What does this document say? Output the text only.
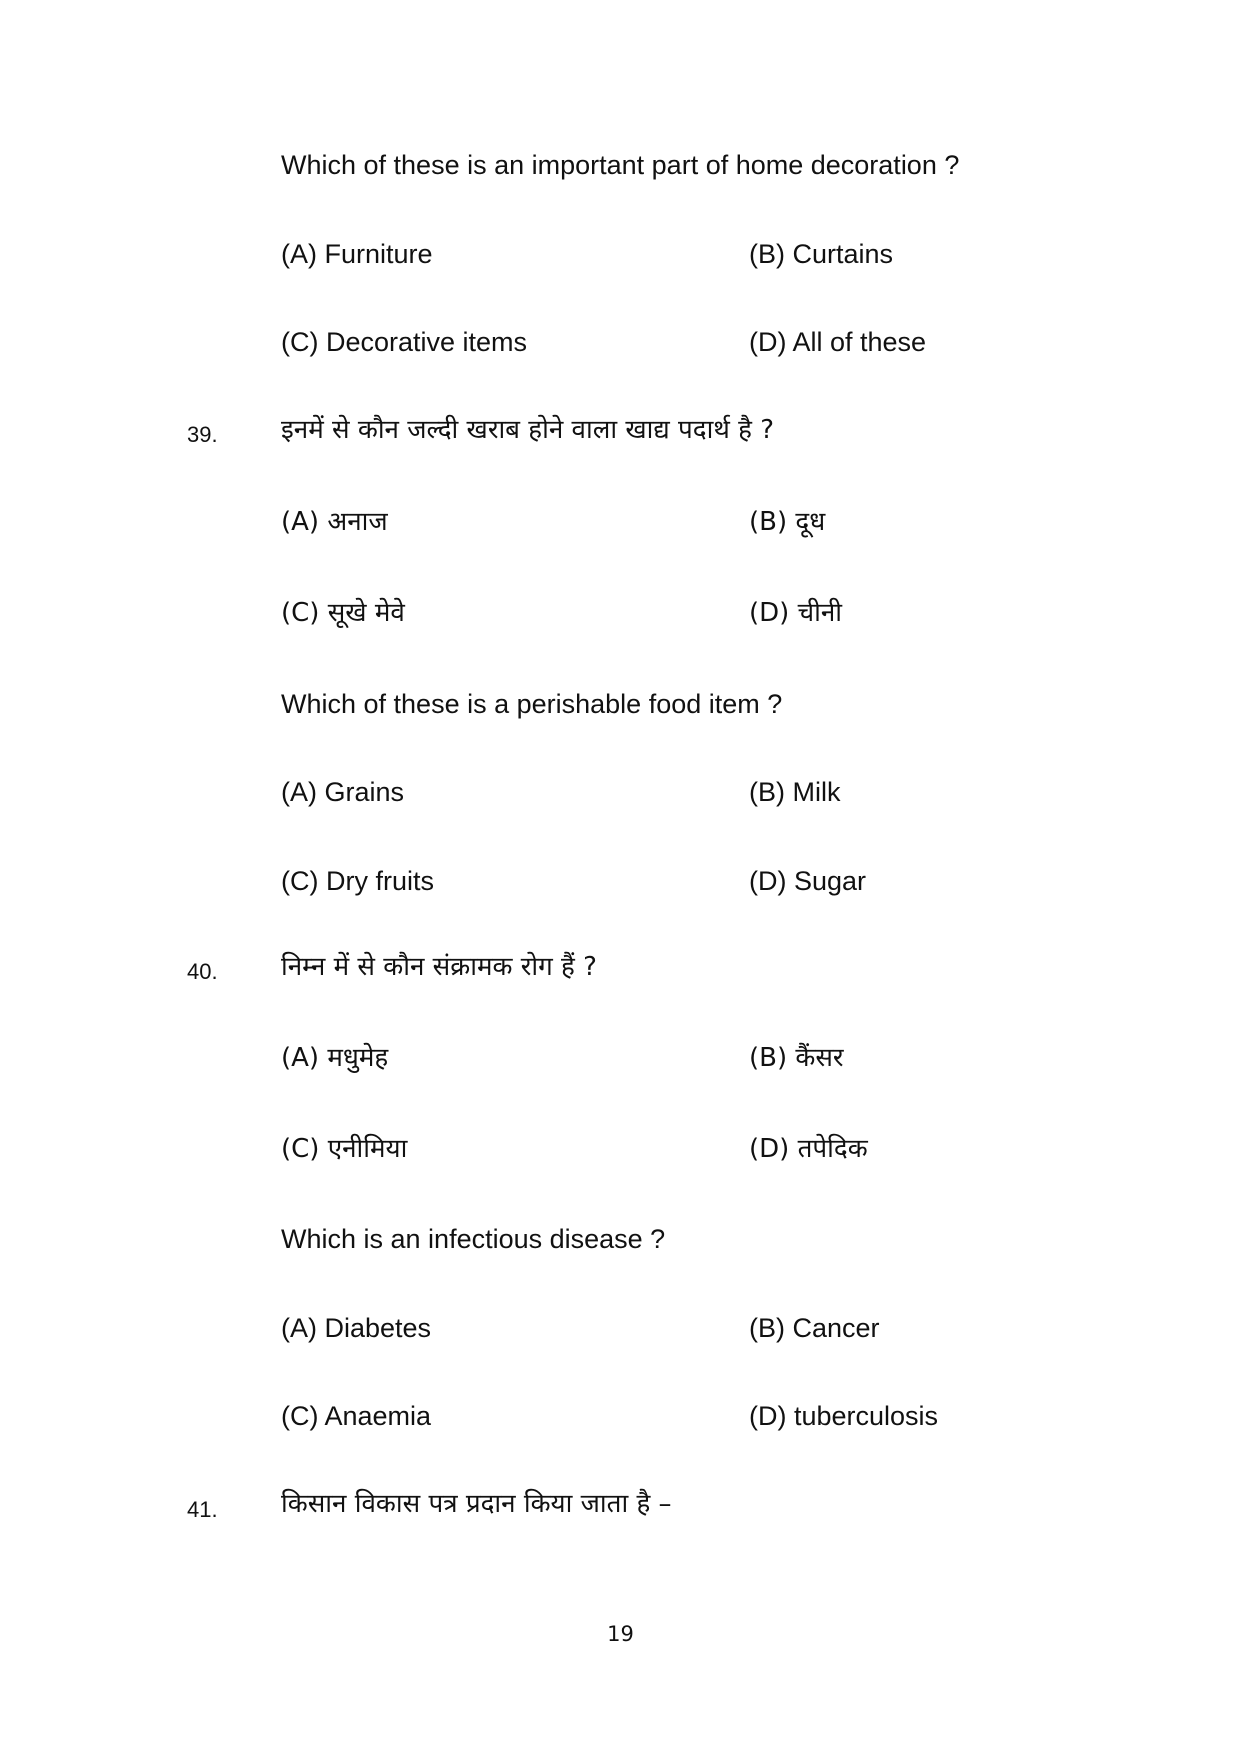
Which of these is an important part of home decoration ?
(A) Furniture	(B) Curtains
(C) Decorative items	(D) All of these
39. इनमें से कौन जल्दी खराब होने वाला खाद्य पदार्थ है ?
(A) अनाज	(B) दूध
(C) सूखे मेवे	(D) चीनी
Which of these is a perishable food item ?
(A) Grains	(B) Milk
(C) Dry fruits	(D) Sugar
40. निम्न में से कौन संक्रामक रोग हैं ?
(A) मधुमेह	(B) कैंसर
(C) एनीमिया	(D) तपेदिक
Which is an infectious disease ?
(A) Diabetes	(B) Cancer
(C) Anaemia	(D) tuberculosis
41. किसान विकास पत्र प्रदान किया जाता है –
19
